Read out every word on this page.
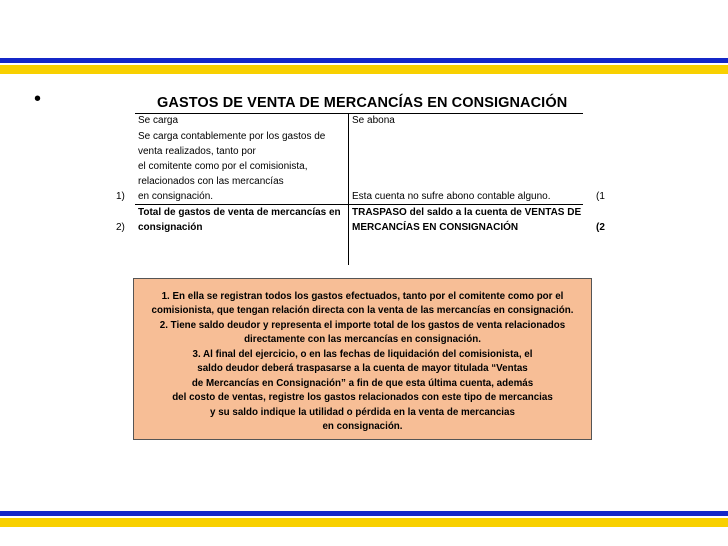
•	GASTOS DE VENTA DE MERCANCÍAS EN CONSIGNACIÓN
Se carga
Se carga contablemente por los gastos de
venta realizados, tanto por
el comitente como por el comisionista,
relacionados con las mercancías
en consignación.
Total de gastos de venta de mercancías en
consignación
1)
2)
Se abona
Esta cuenta no sufre abono contable alguno.
TRASPASO del saldo a la cuenta de VENTAS DE
MERCANCÍAS EN CONSIGNACIÓN
(1
(2
1. En ella se registran todos los gastos efectuados, tanto por el comitente como por el
comisionista, que tengan relación directa con la venta de las mercancías en consignación.
2. Tiene saldo deudor y representa el importe total de los gastos de venta relacionados
directamente con las mercancías en consignación.
3. Al final del ejercicio, o en las fechas de liquidación del comisionista, el
saldo deudor deberá traspasarse a la cuenta de mayor titulada “Ventas
de Mercancías en Consignación” a fin de que esta última cuenta, además
del costo de ventas, registre los gastos relacionados con este tipo de mercancias
y su saldo indique la utilidad o pérdida en la venta de mercancias
en consignación.
